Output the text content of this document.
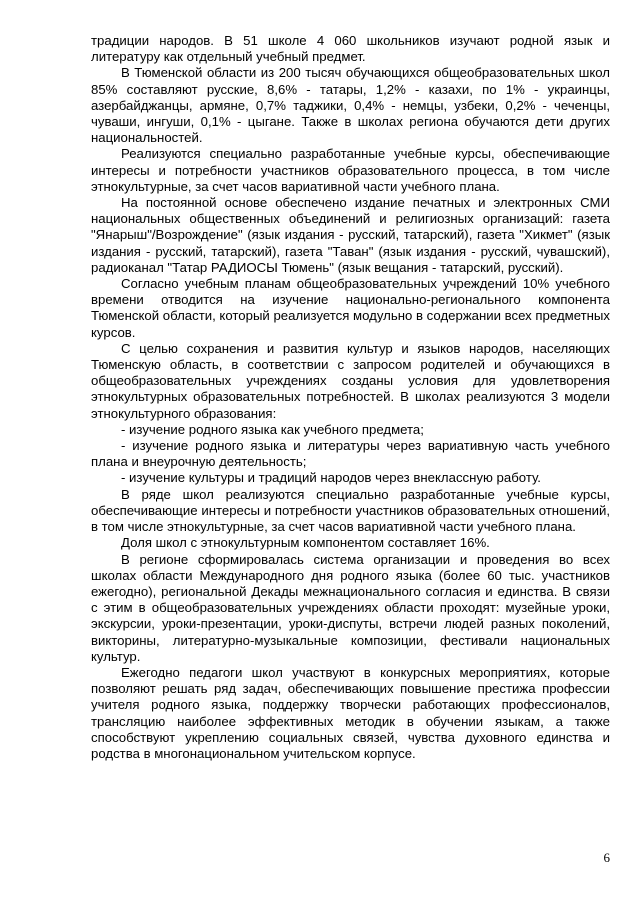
традиции народов. В 51 школе 4 060 школьников изучают родной язык и литературу как отдельный учебный предмет.

В Тюменской области из 200 тысяч обучающихся общеобразовательных школ 85% составляют русские, 8,6% - татары, 1,2% - казахи, по 1% - украинцы, азербайджанцы, армяне, 0,7% таджики, 0,4% - немцы, узбеки, 0,2% - чеченцы, чуваши, ингуши, 0,1% - цыгане. Также в школах региона обучаются дети других национальностей.

Реализуются специально разработанные учебные курсы, обеспечивающие интересы и потребности участников образовательного процесса, в том числе этнокультурные, за счет часов вариативной части учебного плана.

На постоянной основе обеспечено издание печатных и электронных СМИ национальных общественных объединений и религиозных организаций: газета "Янарыш"/Возрождение" (язык издания - русский, татарский), газета "Хикмет" (язык издания - русский, татарский), газета "Таван" (язык издания - русский, чувашский), радиоканал "Татар РАДИОСЫ Тюмень" (язык вещания - татарский, русский).

Согласно учебным планам общеобразовательных учреждений 10% учебного времени отводится на изучение национально-регионального компонента Тюменской области, который реализуется модульно в содержании всех предметных курсов.

С целью сохранения и развития культур и языков народов, населяющих Тюменскую область, в соответствии с запросом родителей и обучающихся в общеобразовательных учреждениях созданы условия для удовлетворения этнокультурных образовательных потребностей. В школах реализуются 3 модели этнокультурного образования:

- изучение родного языка как учебного предмета;

- изучение родного языка и литературы через вариативную часть учебного плана и внеурочную деятельность;

- изучение культуры и традиций народов через внеклассную работу.

В ряде школ реализуются специально разработанные учебные курсы, обеспечивающие интересы и потребности участников образовательных отношений, в том числе этнокультурные, за счет часов вариативной части учебного плана.

Доля школ с этнокультурным компонентом составляет 16%.

В регионе сформировалась система организации и проведения во всех школах области Международного дня родного языка (более 60 тыс. участников ежегодно), региональной Декады межнационального согласия и единства. В связи с этим в общеобразовательных учреждениях области проходят: музейные уроки, экскурсии, уроки-презентации, уроки-диспуты, встречи людей разных поколений, викторины, литературно-музыкальные композиции, фестивали национальных культур.

Ежегодно педагоги школ участвуют в конкурсных мероприятиях, которые позволяют решать ряд задач, обеспечивающих повышение престижа профессии учителя родного языка, поддержку творчески работающих профессионалов, трансляцию наиболее эффективных методик в обучении языкам, а также способствуют укреплению социальных связей, чувства духовного единства и родства в многонациональном учительском корпусе.

6
